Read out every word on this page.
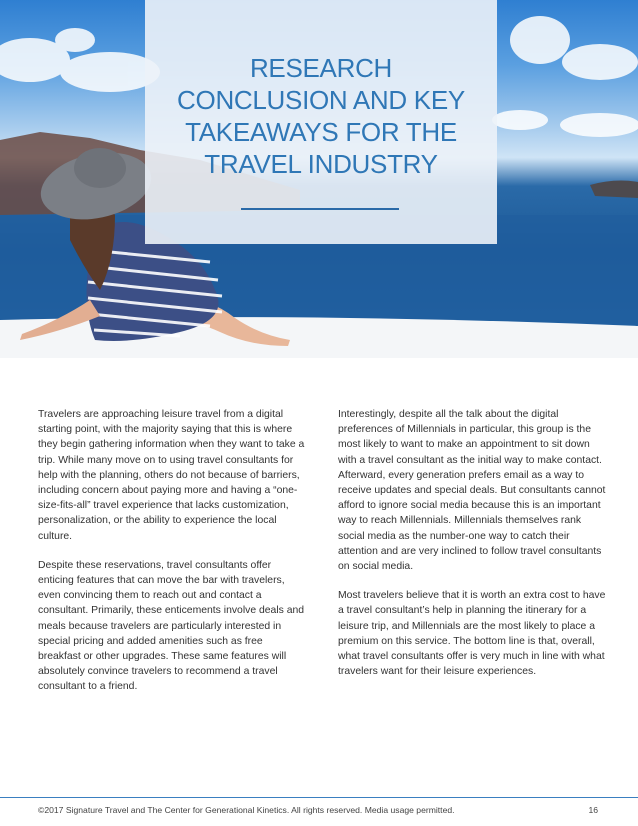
RESEARCH
CONCLUSION AND KEY
TAKEAWAYS FOR THE
TRAVEL INDUSTRY

Travelers are approaching leisure travel from a digital starting point, with the majority saying that this is where they begin gathering information when they want to take a trip. While many move on to using travel consultants for help with the planning, others do not because of barriers, including concern about paying more and having a “one-size-fits-all” travel experience that lacks customization, personalization, or the ability to experience the local culture.

Despite these reservations, travel consultants offer enticing features that can move the bar with travelers, even convincing them to reach out and contact a consultant. Primarily, these enticements involve deals and meals because travelers are particularly interested in special pricing and added amenities such as free breakfast or other upgrades. These same features will absolutely convince travelers to recommend a travel consultant to a friend.

Interestingly, despite all the talk about the digital preferences of Millennials in particular, this group is the most likely to want to make an appointment to sit down with a travel consultant as the initial way to make contact. Afterward, every generation prefers email as a way to receive updates and special deals. But consultants cannot afford to ignore social media because this is an important way to reach Millennials. Millennials themselves rank social media as the number-one way to catch their attention and are very inclined to follow travel consultants on social media.

Most travelers believe that it is worth an extra cost to have a travel consultant’s help in planning the itinerary for a leisure trip, and Millennials are the most likely to place a premium on this service. The bottom line is that, overall, what travel consultants offer is very much in line with what travelers want for their leisure experiences.

©2017 Signature Travel and The Center for Generational Kinetics. All rights reserved. Media usage permitted.	16
